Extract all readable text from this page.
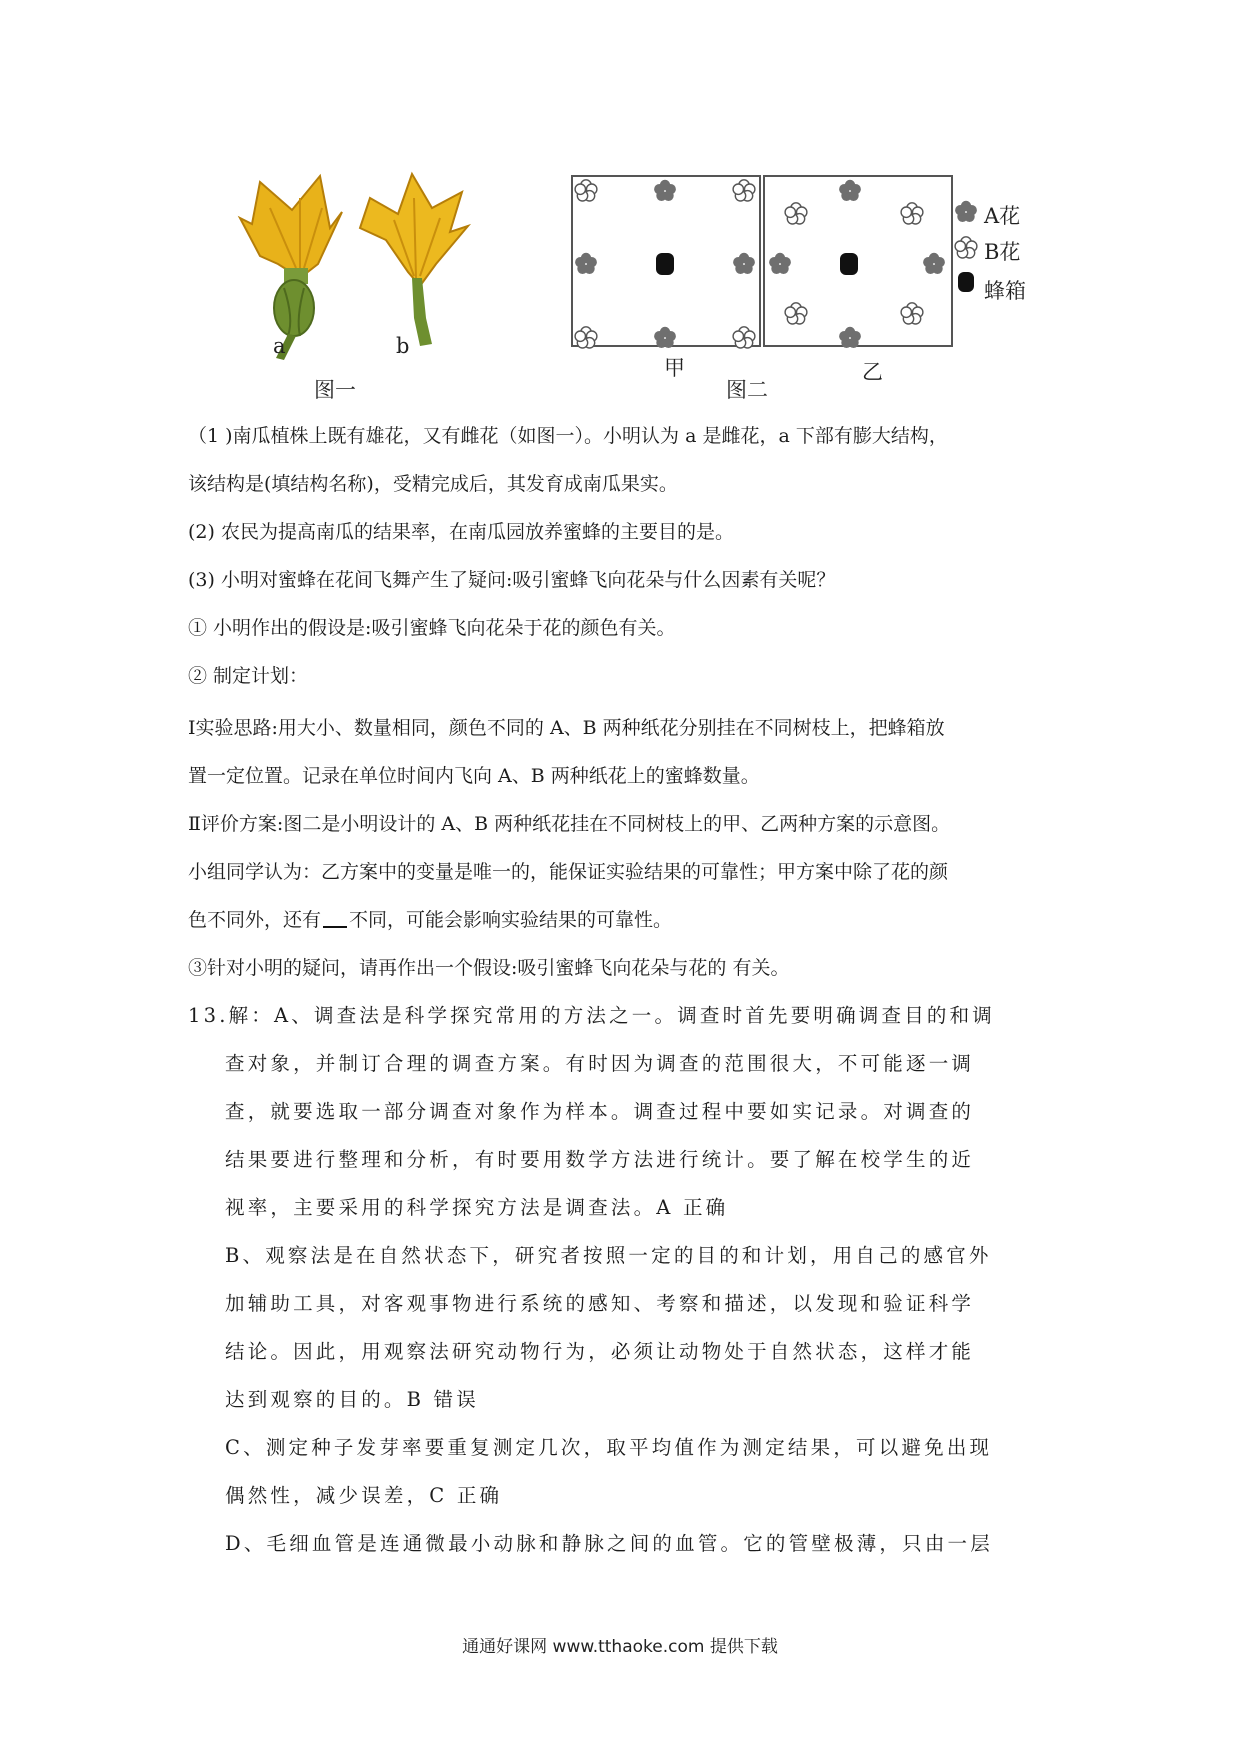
a	b
图一
A花
B花
蜂箱
甲	乙
图二
（1 )南瓜植株上既有雄花，又有雌花（如图一）。小明认为 a 是雌花，a 下部有膨大结构，
该结构是(填结构名称)，受精完成后，其发育成南瓜果实。
(2) 农民为提高南瓜的结果率，在南瓜园放养蜜蜂的主要目的是。
(3) 小明对蜜蜂在花间飞舞产生了疑问:吸引蜜蜂飞向花朵与什么因素有关呢？
① 小明作出的假设是:吸引蜜蜂飞向花朵于花的颜色有关。
② 制定计划：
Ⅰ实验思路:用大小、数量相同，颜色不同的 A、B 两种纸花分别挂在不同树枝上，把蜂箱放
置一定位置。记录在单位时间内飞向 A、B 两种纸花上的蜜蜂数量。
Ⅱ评价方案:图二是小明设计的 A、B 两种纸花挂在不同树枝上的甲、乙两种方案的示意图。
小组同学认为：乙方案中的变量是唯一的，能保证实验结果的可靠性；甲方案中除了花的颜
色不同外，还有 不同，可能会影响实验结果的可靠性。
③针对小明的疑问，请再作出一个假设:吸引蜜蜂飞向花朵与花的 有关。
13.解：A、调查法是科学探究常用的方法之一。调查时首先要明确调查目的和调
查对象，并制订合理的调查方案。有时因为调查的范围很大，不可能逐一调
查，就要选取一部分调查对象作为样本。调查过程中要如实记录。对调查的
结果要进行整理和分析，有时要用数学方法进行统计。要了解在校学生的近
视率，主要采用的科学探究方法是调查法。A 正确
B、观察法是在自然状态下，研究者按照一定的目的和计划，用自己的感官外
加辅助工具，对客观事物进行系统的感知、考察和描述，以发现和验证科学
结论。因此，用观察法研究动物行为，必须让动物处于自然状态，这样才能
达到观察的目的。B 错误
C、测定种子发芽率要重复测定几次，取平均值作为测定结果，可以避免出现
偶然性，减少误差，C 正确
D、毛细血管是连通微最小动脉和静脉之间的血管。它的管壁极薄，只由一层
通通好课网 www.tthaoke.com 提供下载
